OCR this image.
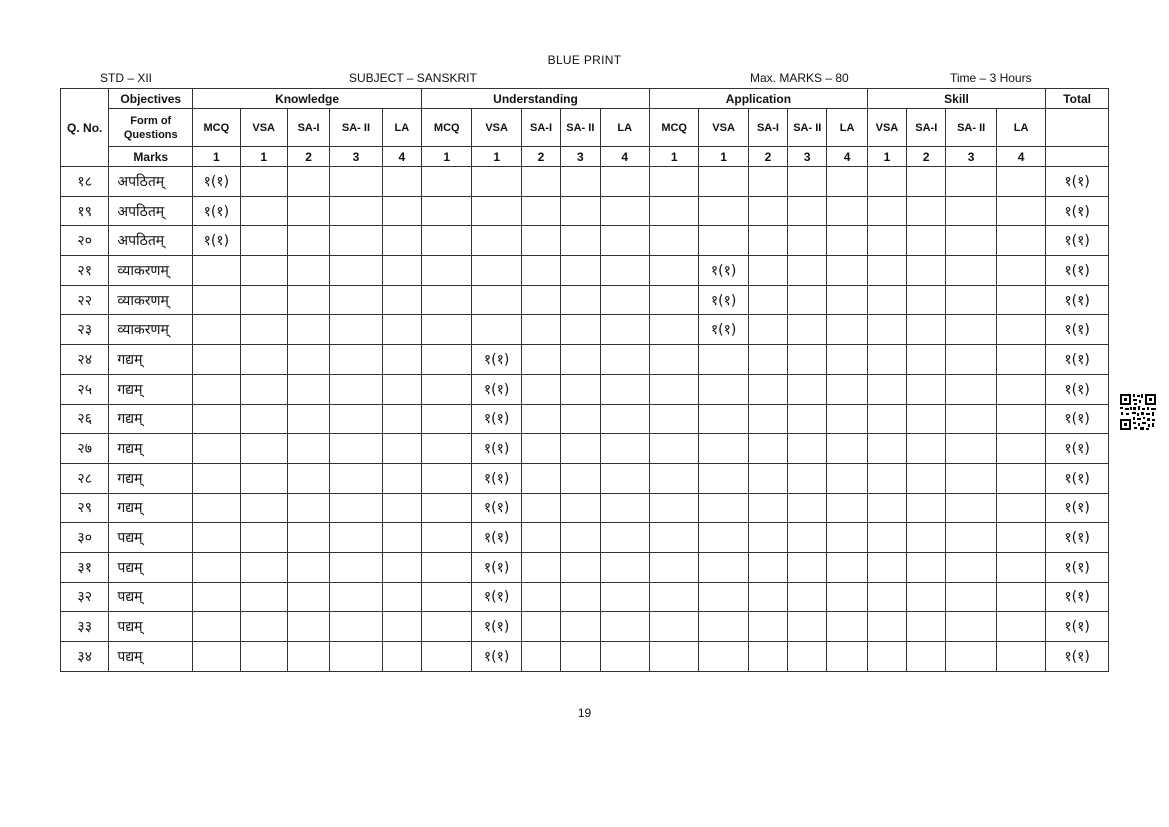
BLUE PRINT
STD – XII	SUBJECT – SANSKRIT	Max. MARKS – 80	Time – 3 Hours
Q. No.	Objectives	Knowledge					Understanding					Application					Skill				Total
	Form of Questions	MCQ	VSA	SA-I	SA- II	LA	MCQ	VSA	SA-I	SA- II	LA	MCQ	VSA	SA-I	SA- II	LA	VSA	SA-I	SA- II	LA	
	Marks	1	1	2	3	4	1	1	2	3	4	1	1	2	3	4	1	2	3	4	
१८	अपठितम्	१(१)																			१(१)
१९	अपठितम्	१(१)																			१(१)
२०	अपठितम्	१(१)																			१(१)
२१	व्याकरणम्												१(१)								१(१)
२२	व्याकरणम्												१(१)								१(१)
२३	व्याकरणम्												१(१)								१(१)
२४	गद्यम्							१(१)													१(१)
२५	गद्यम्							१(१)													१(१)
२६	गद्यम्							१(१)													१(१)
२७	गद्यम्							१(१)													१(१)
२८	गद्यम्							१(१)													१(१)
२९	गद्यम्							१(१)													१(१)
३०	पद्यम्							१(१)													१(१)
३१	पद्यम्							१(१)													१(१)
३२	पद्यम्							१(१)													१(१)
३३	पद्यम्							१(१)													१(१)
३४	पद्यम्							१(१)													१(१)
19
